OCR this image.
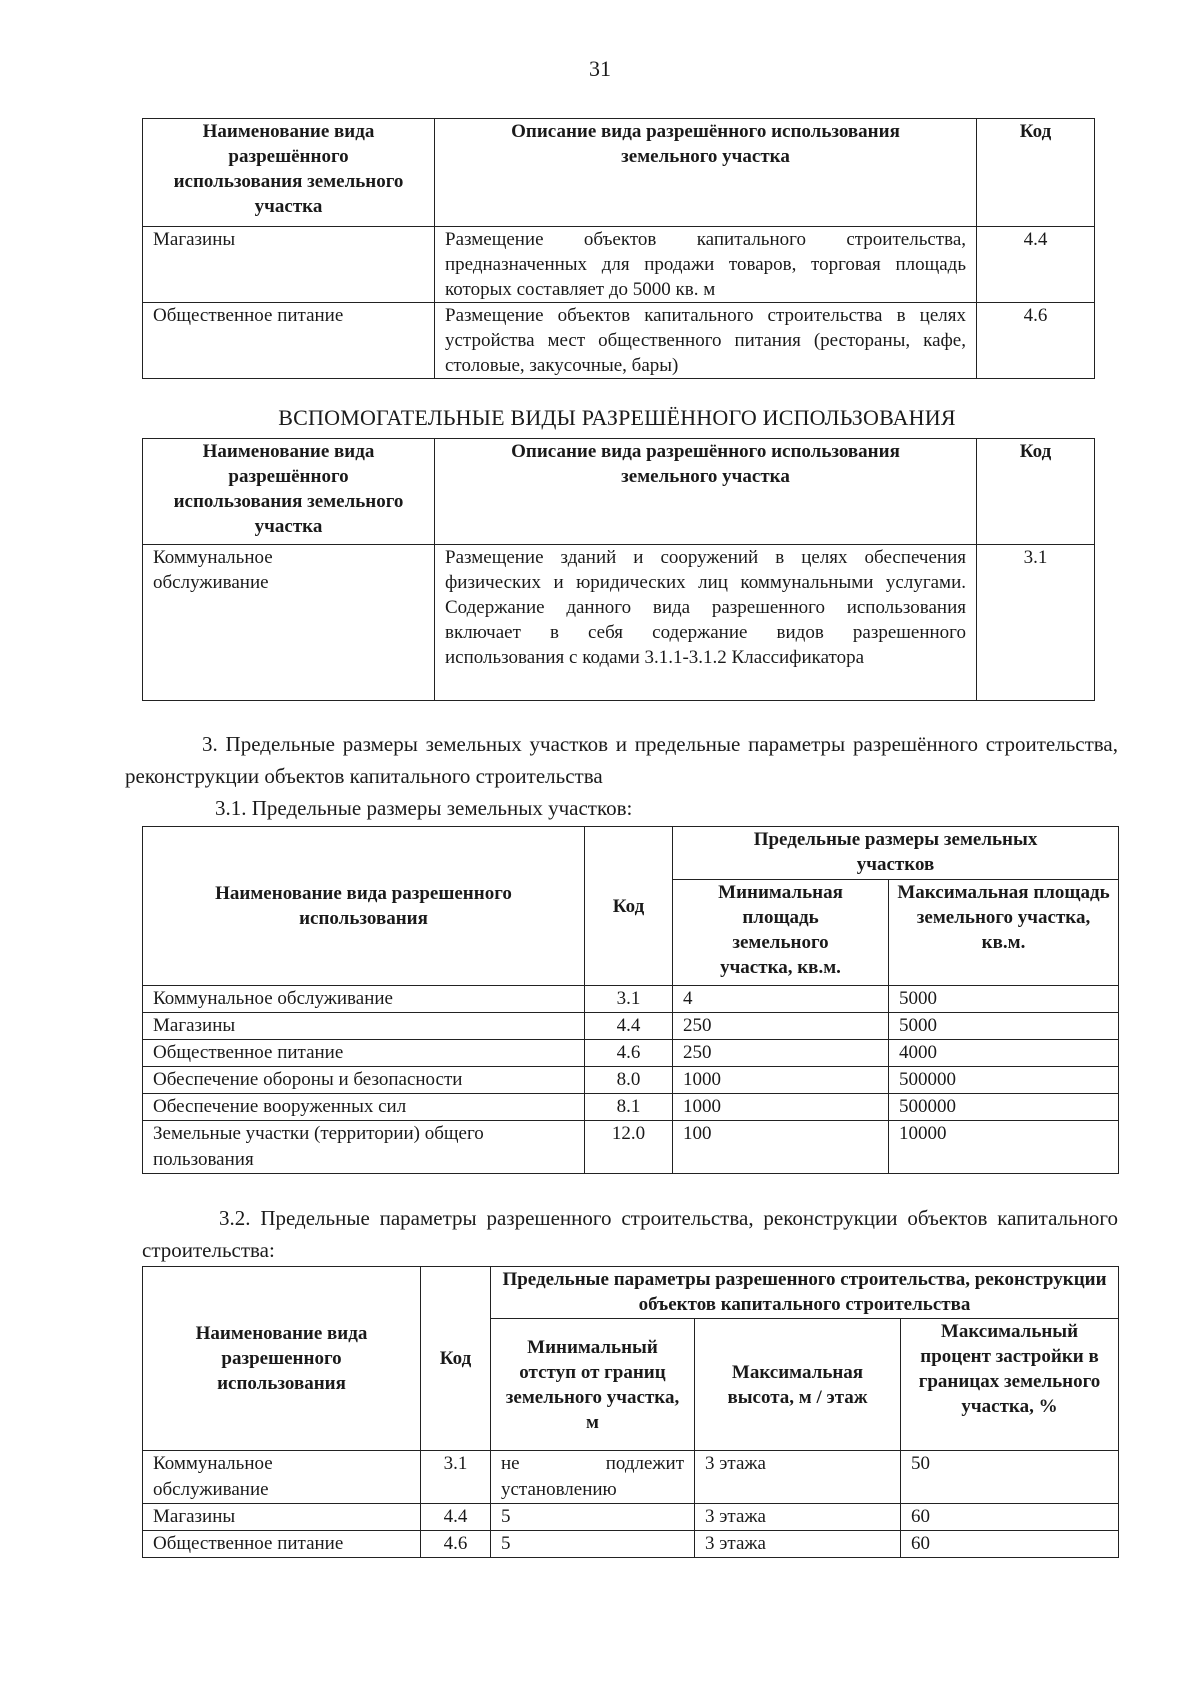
31
Наименование вида разрешённого использования земельного участка	Описание вида разрешённого использования земельного участка	Код
Магазины	Размещение объектов капитального строительства, предназначенных для продажи товаров, торговая площадь которых составляет до 5000 кв. м	4.4
Общественное питание	Размещение объектов капитального строительства в целях устройства мест общественного питания (рестораны, кафе, столовые, закусочные, бары)	4.6
ВСПОМОГАТЕЛЬНЫЕ ВИДЫ РАЗРЕШЁННОГО ИСПОЛЬЗОВАНИЯ
Наименование вида разрешённого использования земельного участка	Описание вида разрешённого использования земельного участка	Код
Коммунальное обслуживание	Размещение зданий и сооружений в целях обеспечения физических и юридических лиц коммунальными услугами. Содержание данного вида разрешенного использования включает в себя содержание видов разрешенного использования с кодами 3.1.1-3.1.2 Классификатора	3.1
3. Предельные размеры земельных участков и предельные параметры разрешённого строительства, реконструкции объектов капитального строительства
3.1. Предельные размеры земельных участков:
Наименование вида разрешенного использования	Код	Предельные размеры земельных участков	
		Минимальная площадь земельного участка, кв.м.	Максимальная площадь земельного участка, кв.м.
Коммунальное обслуживание	3.1	4	5000
Магазины	4.4	250	5000
Общественное питание	4.6	250	4000
Обеспечение обороны и безопасности	8.0	1000	500000
Обеспечение вооруженных сил	8.1	1000	500000
Земельные участки (территории) общего пользования	12.0	100	10000
3.2. Предельные параметры разрешенного строительства, реконструкции объектов капитального строительства:
Наименование вида разрешенного использования	Код	Предельные параметры разрешенного строительства, реконструкции объектов капитального строительства		
		Минимальный отступ от границ земельного участка, м	Максимальная высота, м / этаж	Максимальный процент застройки в границах земельного участка, %
Коммунальное обслуживание	3.1	не подлежит установлению	3 этажа	50
Магазины	4.4	5	3 этажа	60
Общественное питание	4.6	5	3 этажа	60
